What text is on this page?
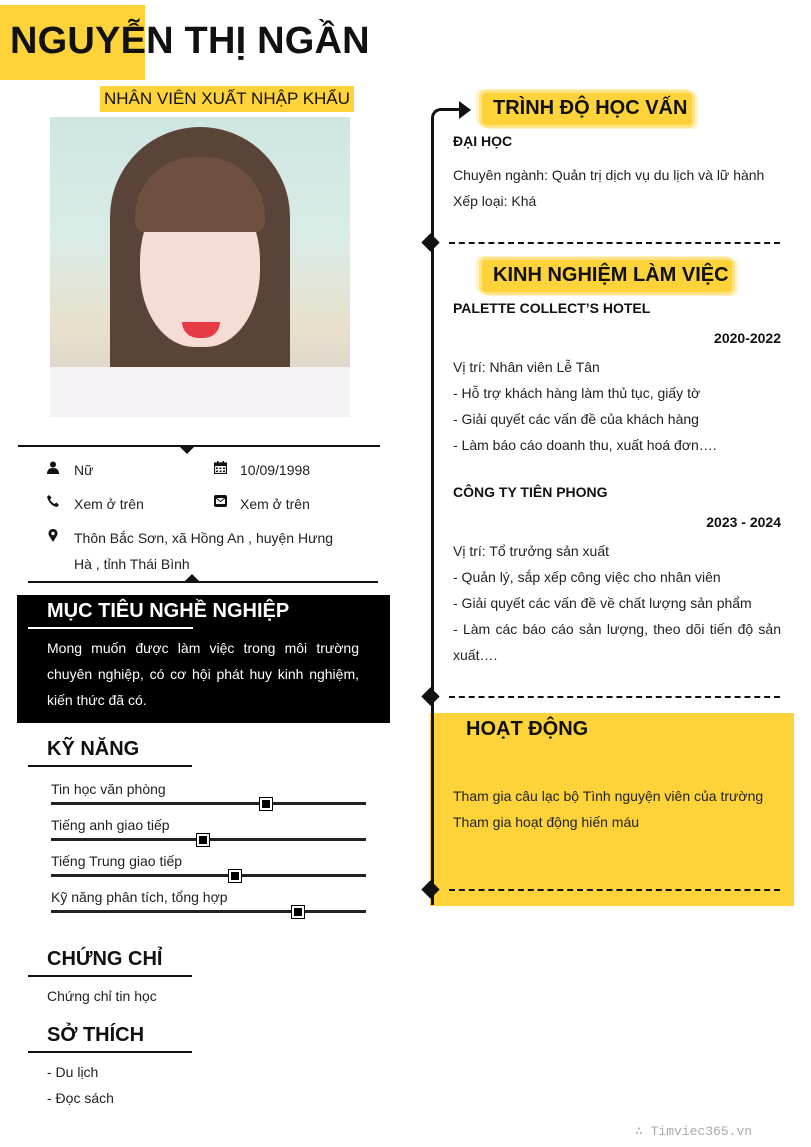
NGUYỄN THỊ NGẦN
NHÂN VIÊN XUẤT NHẬP KHẨU
Nữ	10/09/1998
Xem ở trên	Xem ở trên
Thôn Bắc Sơn, xã Hồng An , huyện Hưng
Hà , tỉnh Thái Bình
MỤC TIÊU NGHỀ NGHIỆP

Mong muốn được làm việc trong môi trường chuyên nghiệp, có cơ hội phát huy kinh nghiệm, kiến thức đã có.

KỸ NĂNG
Tin học văn phòng
Tiếng anh giao tiếp
Tiếng Trung giao tiếp
Kỹ năng phân tích, tổng hợp
CHỨNG CHỈ
Chứng chỉ tin học
SỞ THÍCH
- Du lịch
- Đọc sách
TRÌNH ĐỘ HỌC VẤN
ĐẠI HỌC
Chuyên ngành: Quản trị dịch vụ du lịch và lữ hành
Xếp loại: Khá
KINH NGHIỆM LÀM VIỆC
PALETTE COLLECT’S HOTEL
2020-2022
Vị trí: Nhân viên Lễ Tân
- Hỗ trợ khách hàng làm thủ tục, giấy tờ
- Giải quyết các vấn đề của khách hàng
- Làm báo cáo doanh thu, xuất hoá đơn….
CÔNG TY TIÊN PHONG
2023 - 2024
Vị trí: Tổ trưởng sản xuất
- Quản lý, sắp xếp công việc cho nhân viên
- Giải quyết các vấn đề về chất lượng sản phẩm
- Làm các báo cáo sản lượng, theo dõi tiến độ sản xuất….
HOẠT ĐỘNG
Tham gia câu lạc bộ Tình nguyện viên của trường
Tham gia hoạt động hiến máu
∴ Timviec365.vn
